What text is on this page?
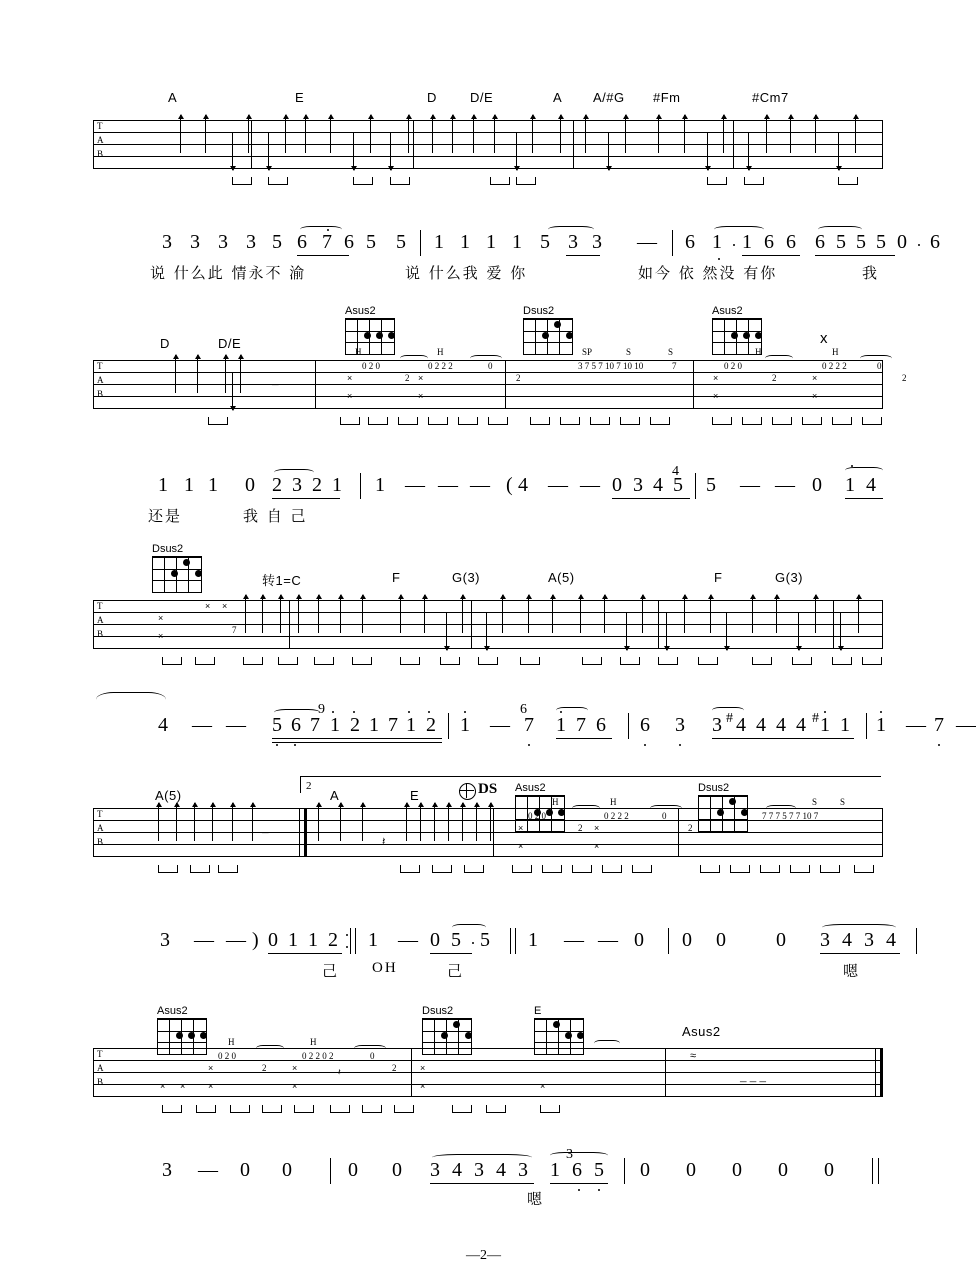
A	E	D	D/E	A A/#G #Fm	#Cm7
T
A
B
3 3 3 3 5 6 7 6 5 5 1 1 1 1 5 3 3 — 6 1 1 6 6 6 5 5 5 0 6
说 什么此 情永不 渝	说 什么我 爱 你	如今 依 然没 有你	我
D	D/E
Asus2	Dsus2	Asus2
x
T
A
B
–
H	H
0 2 0
2
0 2 2 2	0
2
×
×
×
×
SP	S	S
3 7 5 7 10 7 10 10	7
H	H
0 2 0
2
0 2 2 2	0
2
×
×
×
×
1 1 1 0 2 3 2 1 1 — — — ( 4 — — 0 3 4 5
4
5 — — 0 1 4
还是	我 自 己
Dsus2
转1=C	F	G(3)	A(5)	F	G(3)
T
A
B
×
×
× ×
7
4 — — 5 6 7 1 2 1 7 1 2
9
1 — 7
6
1 7 6 6 3 3 # 4 4 4 4 # 1 1 1 — 7 —
A(5)	A	E
2	DS Asus2	Dsus2
T
A
B
–
𝄽
H	H
0 2 0
2
0 2 2 2	0
2
×
×
×
×
S	S
7 7 7 5 7 7 10 7
3 — — ) 0 1 1 2 1 — 0 5 5 1 — — 0 0 0	0 3 4 3 4
己 OH	己	嗯
Asus2	Dsus2	E
Asus2
T
A
B
H	H
0 2 0
2
0 2 2 0 2	0
2
× ×
×
×
×
×
×
×	×
𝄽
≈
– – –
3 — 0 0	0 0 3 4 3 4 3 1 6 5
3
0 0 0 0 0
嗯
—2—
